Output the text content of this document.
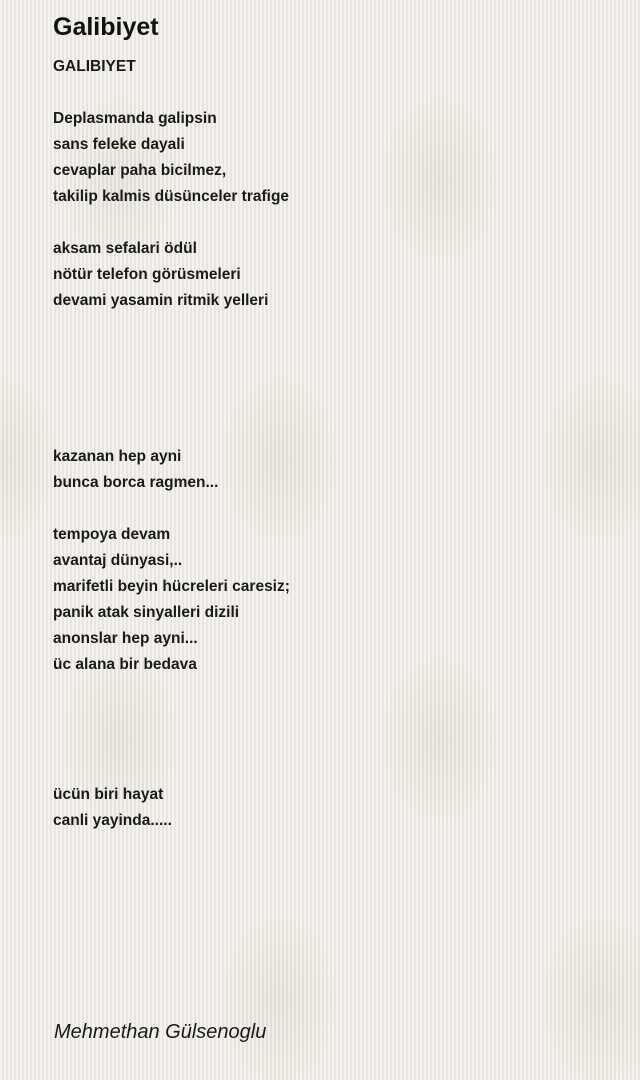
Galibiyet
GALIBIYET
Deplasmanda galipsin
sans feleke dayali
cevaplar paha bicilmez,
takilip kalmis düsünceler trafige
aksam sefalari ödül
nötür telefon görüsmeleri
devami yasamin ritmik yelleri
kazanan hep ayni
bunca borca ragmen...
tempoya devam
avantaj dünyasi,..
marifetli beyin hücreleri caresiz;
panik atak sinyalleri dizili
anonslar hep ayni...
üc alana bir bedava
ücün biri hayat
canli yayinda.....
Mehmethan Gülsenoglu
